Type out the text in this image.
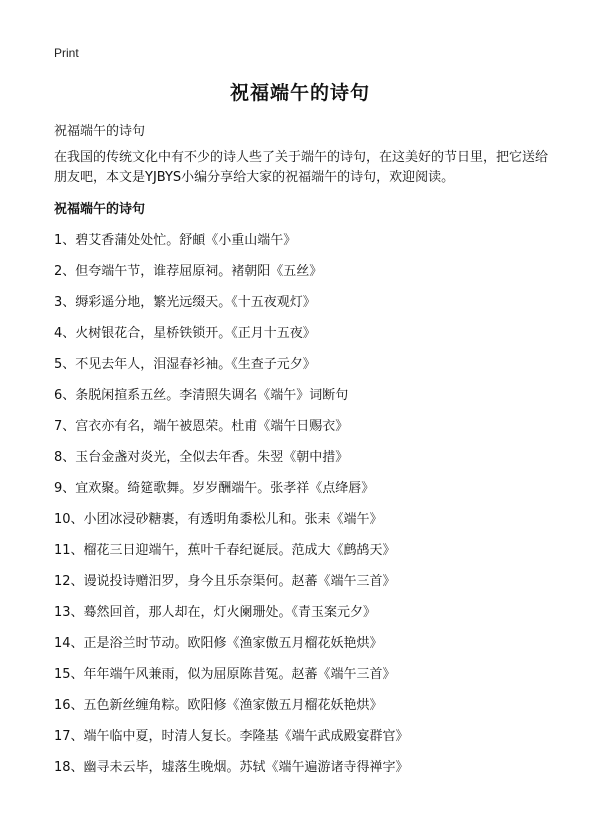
Print
祝福端午的诗句
祝福端午的诗句

在我国的传统文化中有不少的诗人些了关于端午的诗句，在这美好的节日里，把它送给朋友吧，本文是YJBYS小编分享给大家的祝福端午的诗句，欢迎阅读。

祝福端午的诗句
1、碧艾香蒲处处忙。舒頔《小重山端午》
2、但夸端午节，谁荐屈原祠。褚朝阳《五丝》
3、缛彩遥分地，繁光远缀天。《十五夜观灯》
4、火树银花合，星桥铁锁开。《正月十五夜》
5、不见去年人，泪湿春衫袖。《生查子元夕》
6、条脱闲揎系五丝。李清照失调名《端午》词断句
7、宫衣亦有名，端午被恩荣。杜甫《端午日赐衣》
8、玉台金盏对炎光，全似去年香。朱翌《朝中措》
9、宜欢聚。绮筵歌舞。岁岁酬端午。张孝祥《点绛唇》
10、小团冰浸砂糖裹，有透明角黍松儿和。张耒《端午》
11、榴花三日迎端午，蕉叶千春纪诞辰。范成大《鹧鸪天》
12、谩说投诗赠汨罗，身今且乐奈渠何。赵蕃《端午三首》
13、蓦然回首，那人却在，灯火阑珊处。《青玉案元夕》
14、正是浴兰时节动。欧阳修《渔家傲五月榴花妖艳烘》
15、年年端午风兼雨，似为屈原陈昔冤。赵蕃《端午三首》
16、五色新丝缠角粽。欧阳修《渔家傲五月榴花妖艳烘》
17、端午临中夏，时清人复长。李隆基《端午武成殿宴群官》
18、幽寻未云毕，墟落生晚烟。苏轼《端午遍游诸寺得禅字》
